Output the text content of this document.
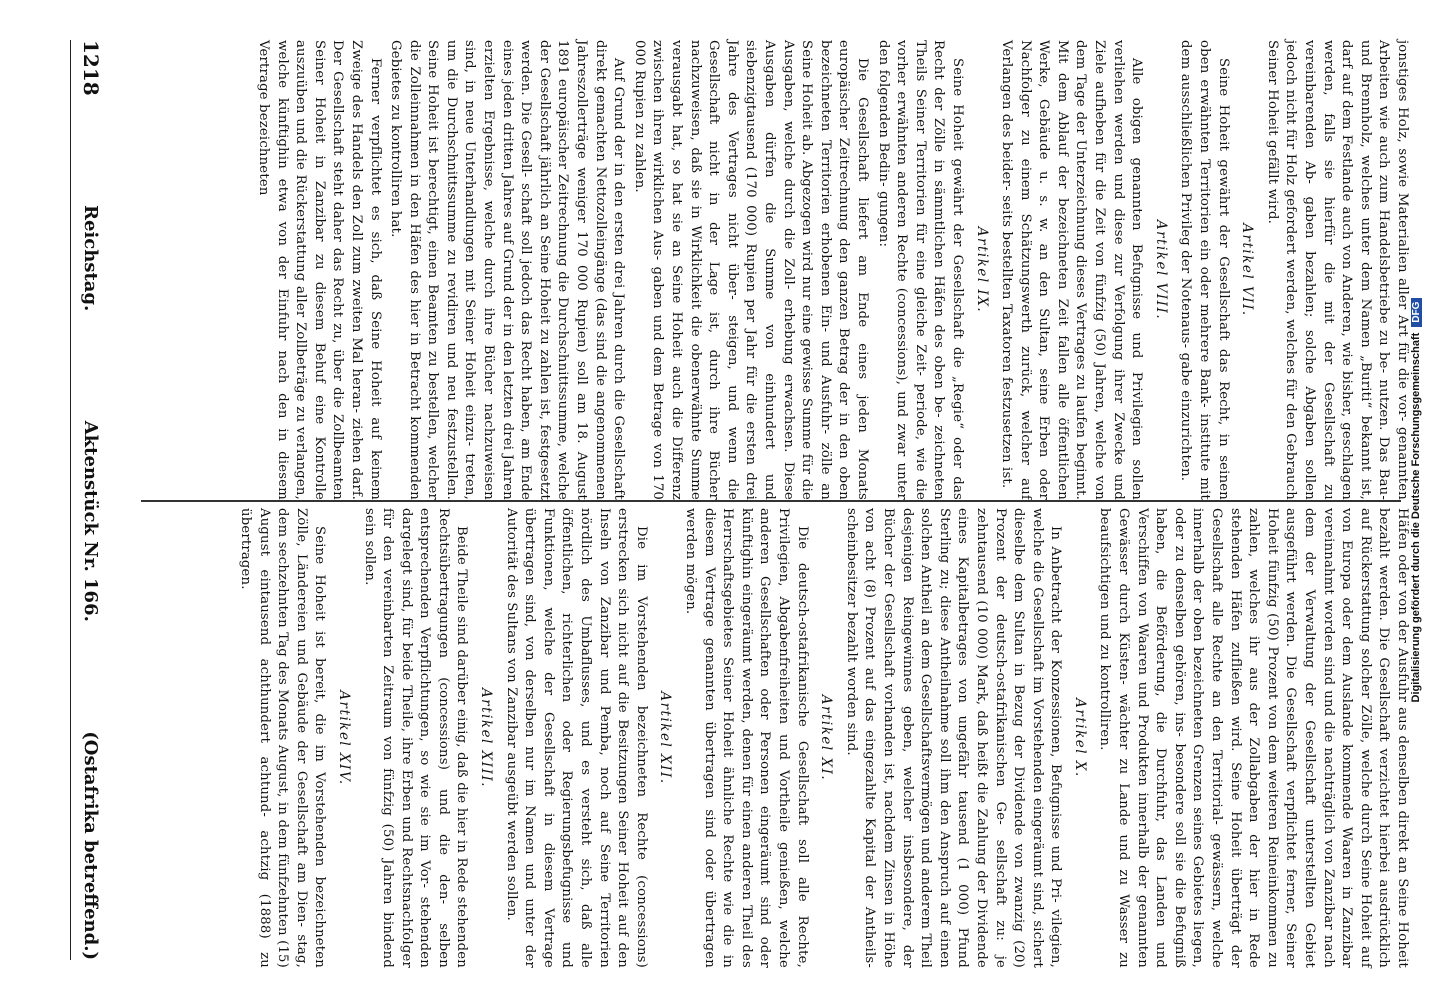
jonstiges Holz, sowie Materialien aller Art für die vor- genannten Arbeiten wie auch zum Handelsbetriebe zu be- nutzen. Das Bau- und Brennholz, welches unter dem Namen „Buriti“ bekannt ist, darf auf dem Festlande auch von Anderen, wie bisher, geschlagen werden, falls sie hierfür die mit der Gesellschaft zu vereinbarenden Ab- gaben bezahlen; solche Abgaben sollen jedoch nicht für Holz gefordert werden, welches für den Gebrauch Seiner Hoheit gefällt wird.

Artikel VII.

Seine Hoheit gewährt der Gesellschaft das Recht, in seinen oben erwähnten Territorien ein oder mehrere Bank- institute mit dem ausschließlichen Privileg der Notenaus- gabe einzurichten.

Artikel VIII.

Alle obigen genannten Befugnisse und Privilegien sollen verliehen werden und diese zur Verfolgung ihrer Zwecke und Ziele aufheben für die Zeit von fünfzig (50) Jahren, welche von dem Tage der Unterzeichnung dieses Vertrages zu laufen beginnt. Mit dem Ablauf der bezeichneten Zeit fallen alle öffentlichen Werke, Gebäude u. s. w. an den Sultan, seine Erben oder Nachfolger zu einem Schätzungswerth zurück, welcher auf Verlangen des beider- seits bestellten Taxatoren festzusetzen ist.

Artikel IX.

Seine Hoheit gewährt der Gesellschaft die „Regie“ oder das Recht der Zölle in sämmtlichen Häfen des oben be- zeichneten Theils Seiner Territorien für eine gleiche Zeit- periode, wie die vorher erwähnten anderen Rechte (concessions), und zwar unter den folgenden Bedin- gungen:

Die Gesellschaft liefert am Ende eines jeden Monats europäischer Zeitrechnung den ganzen Betrag der in den oben bezeichneten Territorien erhobenen Ein- und Ausfuhr- zölle an Seine Hoheit ab. Abgezogen wird nur eine gewisse Summe für die Ausgaben, welche durch die Zoll- erhebung erwachsen. Diese Ausgaben dürfen die Summe von einhundert und siebenzigtausend (170 000) Rupien per Jahr für die ersten drei Jahre des Vertrages nicht über- steigen, und wenn die Gesellschaft nicht in der Lage ist, durch ihre Bücher nachzuweisen, daß sie in Wirklichkeit die obenerwähnte Summe verausgabt hat, so hat sie an Seine Hoheit auch die Differenz zwischen ihren wirklichen Aus- gaben und dem Betrage von 170 000 Rupien zu zahlen.

Auf Grund der in den ersten drei Jahren durch die Gesellschaft direkt gemachten Nettozolleingänge (das sind die angenommenen Jahreszollerträge weniger 170 000 Rupien) soll am 18. August 1891 europäischer Zeitrechnung die Durchschnittssumme, welche der Gesellschaft jährlich an Seine Hoheit zu zahlen ist, festgesetzt werden. Die Gesell- schaft soll jedoch das Recht haben, am Ende eines jeden dritten Jahres auf Grund der in den letzten drei Jahren erzielten Ergebnisse, welche durch ihre Bücher nachzuweisen sind, in neue Unterhandlungen mit Seiner Hoheit einzu- treten, um die Durchschnittssumme zu revidiren und neu festzustellen. Seine Hoheit ist berechtigt, einen Beamten zu bestellen, welcher die Zolleinnahmen in den Häfen des hier in Betracht kommenden Gebietes zu kontrolliren hat.

Ferner verpflichtet es sich, daß Seine Hoheit auf keinem Zweige des Handels den Zoll zum zweiten Mal heran- ziehen darf. Der Gesellschaft steht daher das Recht zu, über die Zollbeamten Seiner Hoheit in Zanzibar zu diesem Behuf eine Kontrolle auszuüben und die Rückerstattung aller Zollbeträge zu verlangen, welche künftighin etwa von der Einfuhr nach den in diesem Vertrage bezeichneten

Häfen oder von der Ausfuhr aus denselben direkt an Seine Hoheit bezahlt werden. Die Gesellschaft verzichtet hierbei ausdrücklich auf Rückerstattung solcher Zölle, welche durch Seine Hoheit auf von Europa oder dem Auslande kommende Waaren in Zanzibar vereinnahmt worden sind und die nachträglich von Zanzibar nach dem der Verwaltung der Gesellschaft unterstellten Gebiet ausgeführt werden. Die Gesellschaft verpflichtet ferner, Seiner Hoheit fünfzig (50) Prozent von dem weiteren Reineinkommen zu zahlen, welches ihr aus der Zollabgaben der hier in Rede stehenden Häfen zufließen wird. Seine Hoheit überträgt der Gesellschaft alle Rechte an den Territorial- gewässern, welche innerhalb der oben bezeichneten Grenzen seines Gebietes liegen, oder zu denselben gehören, ins- besondere soll sie die Befugniß haben, die Beförderung, die Durchfuhr, das Landen und Verschiffen von Waaren und Produkten innerhalb der genannten Gewässer durch Küsten- wächter zu Lande und zu Wasser zu beaufsichtigen und zu kontrolliren.

Artikel X.

In Anbetracht der Konzessionen, Befugnisse und Pri- vilegien, welche die Gesellschaft im Vorstehenden eingeräumt sind, sichert dieselbe dem Sultan in Bezug der Dividende von zwanzig (20) Prozent der deutsch-ostafrikanischen Ge- sellschaft zu: je zehntausend (10 000) Mark, daß heißt die Zahlung der Dividende eines Kapitalbetrages von ungefähr tausend (1 000) Pfund Sterling zu; diese Antheilnahme soll ihm den Anspruch auf einen solchen Antheil an dem Gesellschaftsvermögen und anderem Theil desjenigen Reingewinnes geben, welcher insbesondere, der Bücher der Gesellschaft vorhanden ist, nachdem Zinsen in Höhe von acht (8) Prozent auf das eingezahlte Kapital der Antheils- scheinbesitzer bezahlt worden sind.

Artikel XI.

Die deutsch-ostafrikanische Gesellschaft soll alle Rechte, Privilegien, Abgabenfreiheiten und Vortheile genießen, welche anderen Gesellschaften oder Personen eingeräumt sind oder künftighin eingeräumt werden, denen für einen anderen Theil des Herrschaftsgebietes Seiner Hoheit ähnliche Rechte wie die in diesem Vertrage genannten übertragen sind oder übertragen werden mögen.

Artikel XII.

Die im Vorstehenden bezeichneten Rechte (concessions) erstrecken sich nicht auf die Besitzungen Seiner Hoheit auf den Inseln von Zanzibar und Pemba, noch auf Seine Territorien nördlich des Umbaflusses, und es versteht sich, daß alle öffentlichen, richterlichen oder Regierungsbefugnisse und Funktionen, welche der Gesellschaft in diesem Vertrage übertragen sind, von derselben nur im Namen und unter der Autorität des Sultans von Zanzibar ausgeübt werden sollen.

Artikel XIII.

Beide Theile sind darüber einig, daß die hier in Rede stehenden Rechtsübertragungen (concessions) und die den- selben entsprechenden Verpflichtungen, so wie sie im Vor- stehenden dargelegt sind, für beide Theile, ihre Erben und Rechtsnachfolger für den vereinbarten Zeitraum von fünfzig (50) Jahren bindend sein sollen.

Artikel XIV.

Seine Hoheit ist bereit, die im Vorstehenden bezeichneten Zölle, Ländereien und Gebäude der Gesellschaft am Dien- stag, dem sechzehnten Tag des Monats August, in dem fünfzehnten (15) August eintausend achthundert achtund- achtzig (1888) zu übertragen.

1218
Reichstag.
Aktenstück Nr. 166.
(Ostafrika betreffend.)
Digitalisierung gefördert durch die Deutsche ForschungsgemeinschaftDFG
